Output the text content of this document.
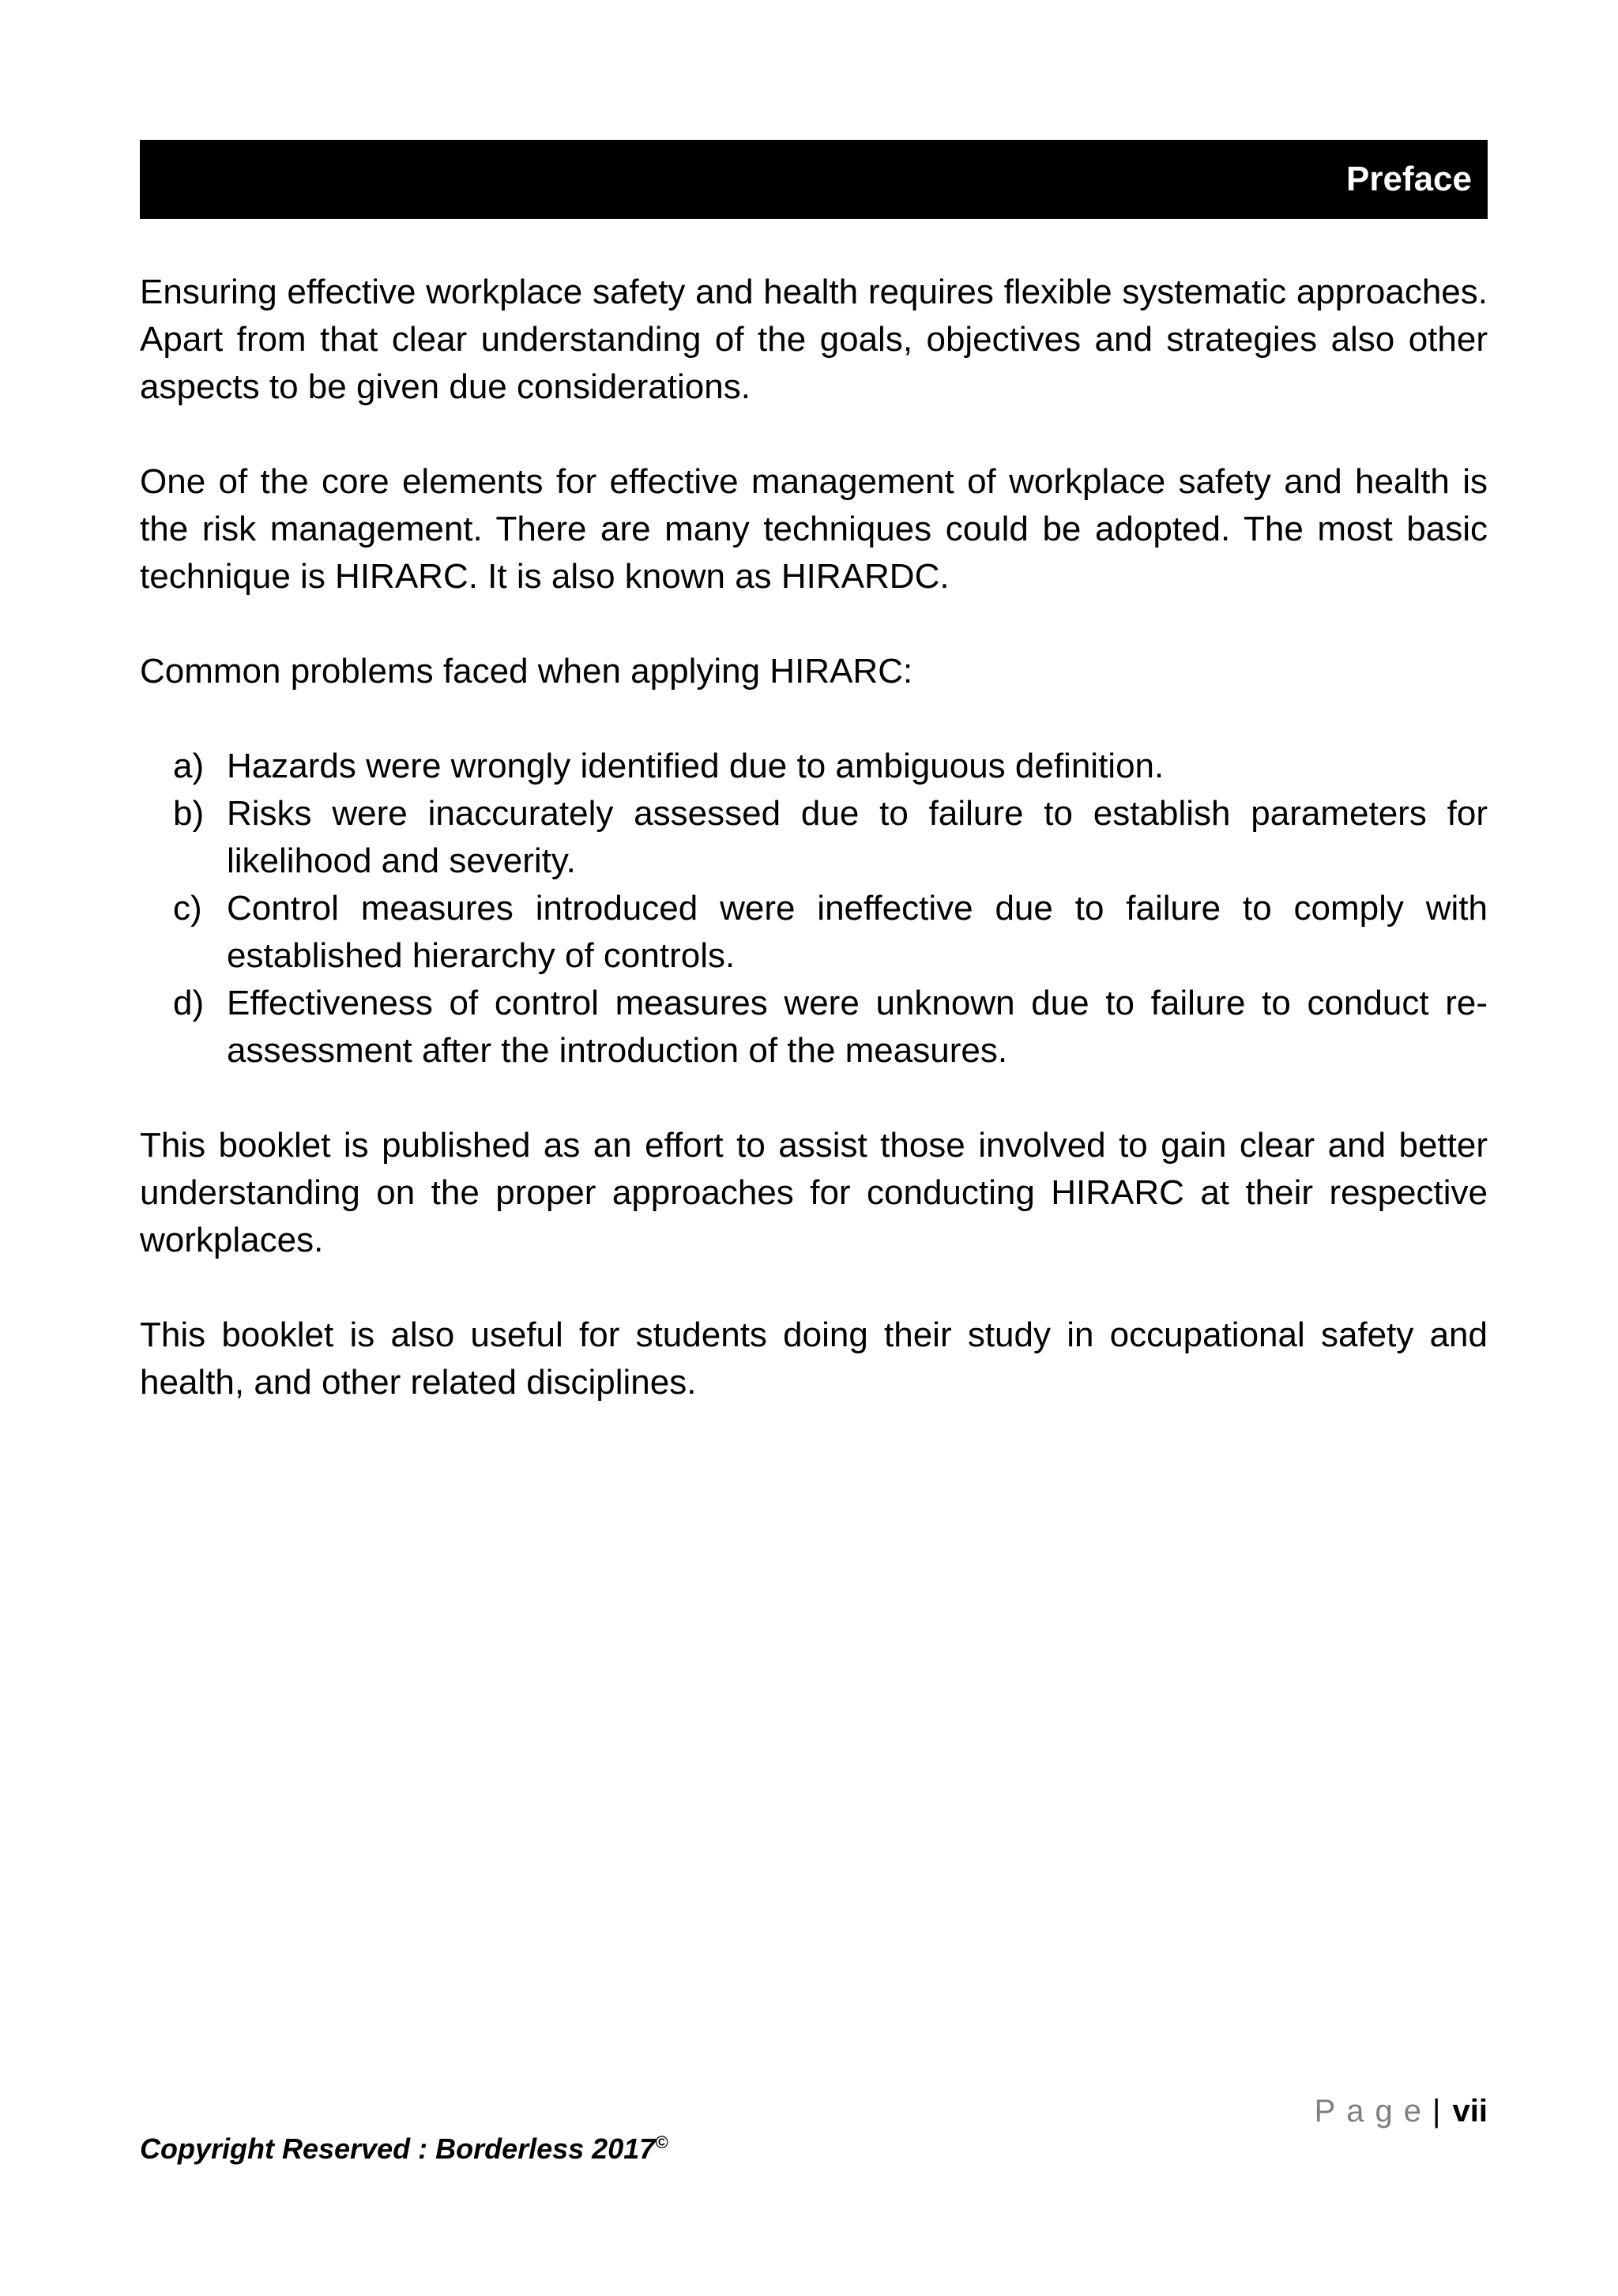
Preface

Ensuring effective workplace safety and health requires flexible systematic approaches. Apart from that clear understanding of the goals, objectives and strategies also other aspects to be given due considerations.

One of the core elements for effective management of workplace safety and health is the risk management. There are many techniques could be adopted. The most basic technique is HIRARC. It is also known as HIRARDC.

Common problems faced when applying HIRARC:

a) Hazards were wrongly identified due to ambiguous definition.
b) Risks were inaccurately assessed due to failure to establish parameters for likelihood and severity.
c) Control measures introduced were ineffective due to failure to comply with established hierarchy of controls.
d) Effectiveness of control measures were unknown due to failure to conduct re-assessment after the introduction of the measures.

This booklet is published as an effort to assist those involved to gain clear and better understanding on the proper approaches for conducting HIRARC at their respective workplaces.

This booklet is also useful for students doing their study in occupational safety and health, and other related disciplines.

Page| vii
Copyright Reserved : Borderless 2017©
